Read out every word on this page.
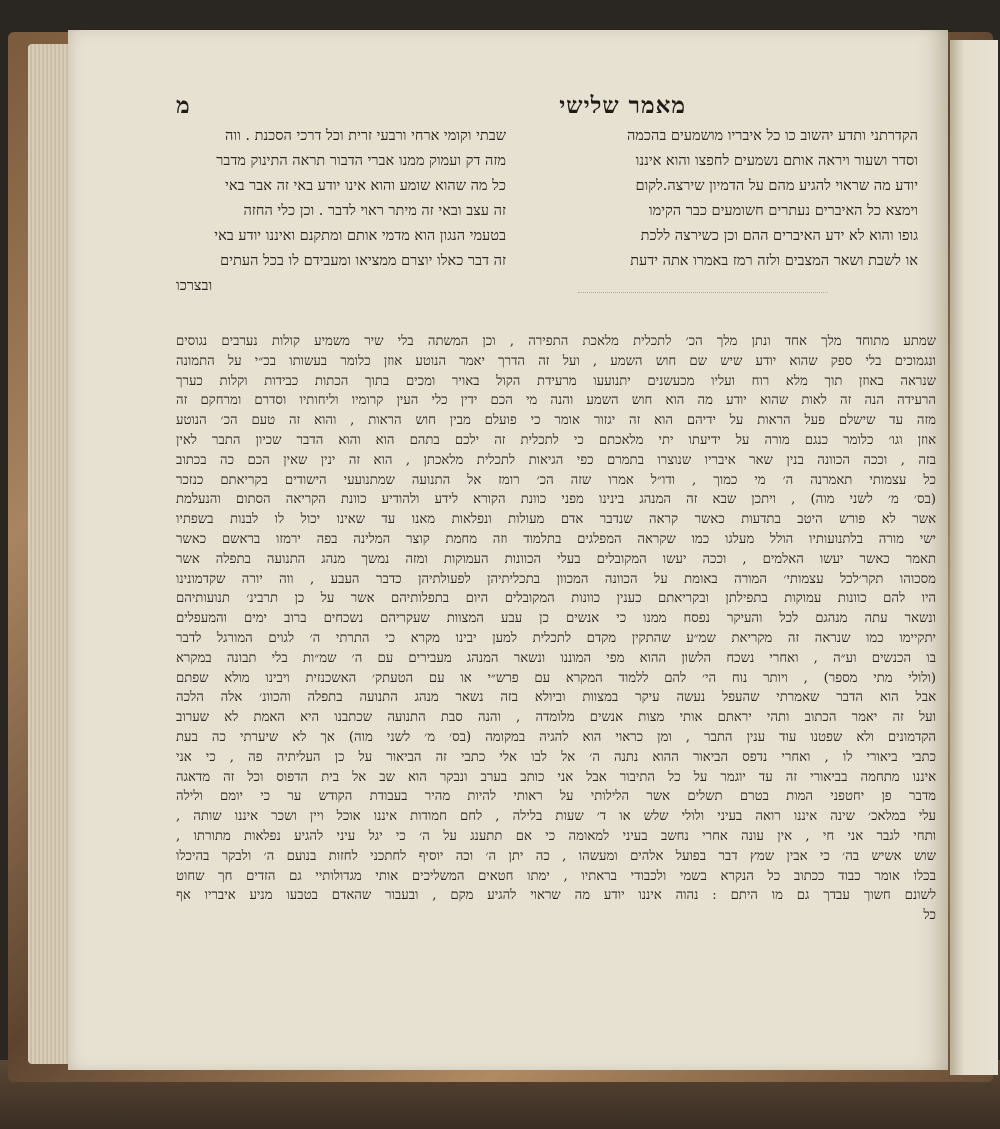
מאמר שלישי
מ
הקדרתני ותדע יהשוב כו כל איבריו מושמעים בהכמה
וסדר ושעור ויראה אותם נשמעים לחפצו והוא איננו
יודע מה שראוי להגיע מהם על הדמיון שירצה.לקום
וימצא כל האיברים נעתרים חשומעים כבר הקימו
גופו והוא לא ידע האיברים ההם וכן כשירצה ללכת
או לשבת ושאר המצבים ולזה רמז באמרו אתה ידעת
שבתי וקומי ארחי ורבעי זרית וכל דרכי הסכנת . ווה
מזה דק ועמוק ממנו אברי הדבור תראה התינוק מדבר
כל מה שהוא שומע והוא אינו יודע באי זה אבר באי
זה עצב ובאי זה מיתר ראוי לדבר . וכן כלי החזה
בטעמי הנגון הוא מדמי אותם ומתקנם ואיננו יודע באי
זה דבר כאלו יוצרם ממציאו ומעבידם לו בכל העתים
ובצרכו
שמתע מתוחד מלך אחד ונתן מלך הכ׳ לתכלית מלאכת התפירה , וכן המשתה בלי שיר משמיע קולות נערבים נגוסים
ונגמוכים בלי ספק שהוא יודע שיש שם חוש השמע , ועל זה הדרך יאמר הנוטע אוזן כלומר בעשותו בכ״י על התמונה
שנראה באוזן תוך מלא רוח ועליו מכעשנים יתנועעו מרעידת הקול באויר ומכים בתוך הכתות כבידות וקלות כערך
הרעידה הנה זה לאות שהוא יודע מה הוא חוש השמע והנה מי הכם ידין כלי העין קרומיו וליחותיו וסדרם ומרחקם זה
מזה עד שישלם פעל הראות על ידיהם הוא זה יגזור אומר כי פועלם מבין חוש הראות , והוא זה טעם הכ׳ הנוטע
אוזן וגו׳ כלומר כנגם מורה על ידיעתו יתי מלאכתם כי לתכלית זה ילכם בתהם הוא והוא הדבר שכיון התבר לאין
בזה , וככה הכוונה בנין שאר איבריו שנוצרו בתמרם כפי הגיאות לתכלית מלאכתן , הוא זה ינין שאין הכם כה בכתוב
כל עצמותי תאמרנה ה׳ מי כמוך , ודו״ל אמרו שזה הכ׳ רומז אל התנועה שמתנועעי הישודים בקריאתם כנזכר
(בס׳ מ׳ לשני מוה) , ויתכן שבא זה המנהג בינינו מפני כוונת הקורא לידע ולהודיע כוונת הקריאה הסתום והנעלמת
אשר לא פורש היטב בתדעות כאשר קראה שנדבר אדם מעולות ונפלאות מאנו עד שאינו יכול לו לבנות בשפתיו
ישי מורה בלתנועותיו הולל מעלגו כמו שקראה המפלגים בתלמוד וזה מחמת קוצר המלינה בפה ירמזו בראשם כאשר
תאמר כאשר יעשו האלמים , וככה יעשו המקובלים בעלי הכוונות העמוקות ומזה נמשך מנהג התנועה בתפלה אשר
מסכוהו תקר׳לכל עצמותי׳ המורה באומת על הכוונה המכוון בתכליתיהן לפעולתיהן כדבר העבע , ווה יורה שקדמונינו
היו להם כוונות עמוקות בתפילתן ובקריאתם כענין כוונות המקובלים היום בתפלותיהם אשר על כן תרבינ׳ תנועותיהם
ונשאר עתה מנהגם לכל והעיקר נפסח ממנו כי אנשים כן עבע המצוות שעקריהם נשכחים ברוב ימים והמעפלים
יתקיימו כמו שנראה זה מקריאת שמ״ע שהתקין מקדם לתכלית למען יבינו מקרא כי התרתי ה׳ לגוים המורגל לדבר
בו הכנשים וע״ה , ואחרי נשכח הלשון ההוא מפי המוננו ונשאר המנהג מעבירים עם ה׳ שמ״ות בלי תבונה במקרא
(ולולי מתי מספר) , ויותר נוח הי׳ להם ללמוד המקרא עם פרש״י או עם הטעתק׳ האשכנזית ויבינו מולא שפתם
אבל הוא הדבר שאמרתי שהעפל נעשה עיקר במצוות וביולא בזה נשאר מנהג התנועה בתפלה והכוונ׳ אלה הלכה
ועל זה יאמר הכתוב ותהי יראתם אותי מצות אנשים מלומדה , והנה סבת התנועה שכתבנו היא האמת לא שערוב
הקדמונים ולא שפטנו עוד ענין התבר , ומן כראוי הוא להגיה במקומה (בס׳ מ׳ לשני מוה) אך לא שיערתי כה בעת
כתבי ביאורי לו , ואחרי נדפס הביאור ההוא נתנה ה׳ אל לבו אלי כתבי זה הביאור על כן העליתיה פה , כי אני
איננו מתחמה בביאורי זה עד יוגמר על כל התיבור אבל אני כותב בערב ונבקר הוא שב אל בית הדפוס וכל זה מדאגה
מדבר פן יחטפני המות בטרם תשלים אשר הלילותי על ראותי להיות מהיר בעבודת הקודש ער כי יומם ולילה
עלי במלאכ׳ שינה איננו רואה בעיני ולולי שלש או ד׳ שעות בלילה , לחם חמודות איננו אוכל ויין ושכר איננו שותה ,
ותחי לגבר אני חי , אין עונה אחרי נחשב בעיני למאומה כי אם תתענג על ה׳ כי יגל עיני להגיע נפלאות מתורתו ,
שוש אשיש בה׳ כי אבין שמץ דבר בפועל אלהים ומעשהו , כה יתן ה׳ וכה יוסיף לחתכני לחזות בנועם ה׳ ולבקר בהיכלו
בכלו אומר כבוד ככתוב כל הנקרא בשמי ולכבודי בראתיו , ימתו חטאים המשליכים אותי מגדולותיי גם הזדים חך שחוט
לשונם חשוך עבדך גם מו היתם : נהוה איננו יודע מה שראוי להגיע מקם , ובעבור שהאדם בטבעו מניע איבריו אף
כל
